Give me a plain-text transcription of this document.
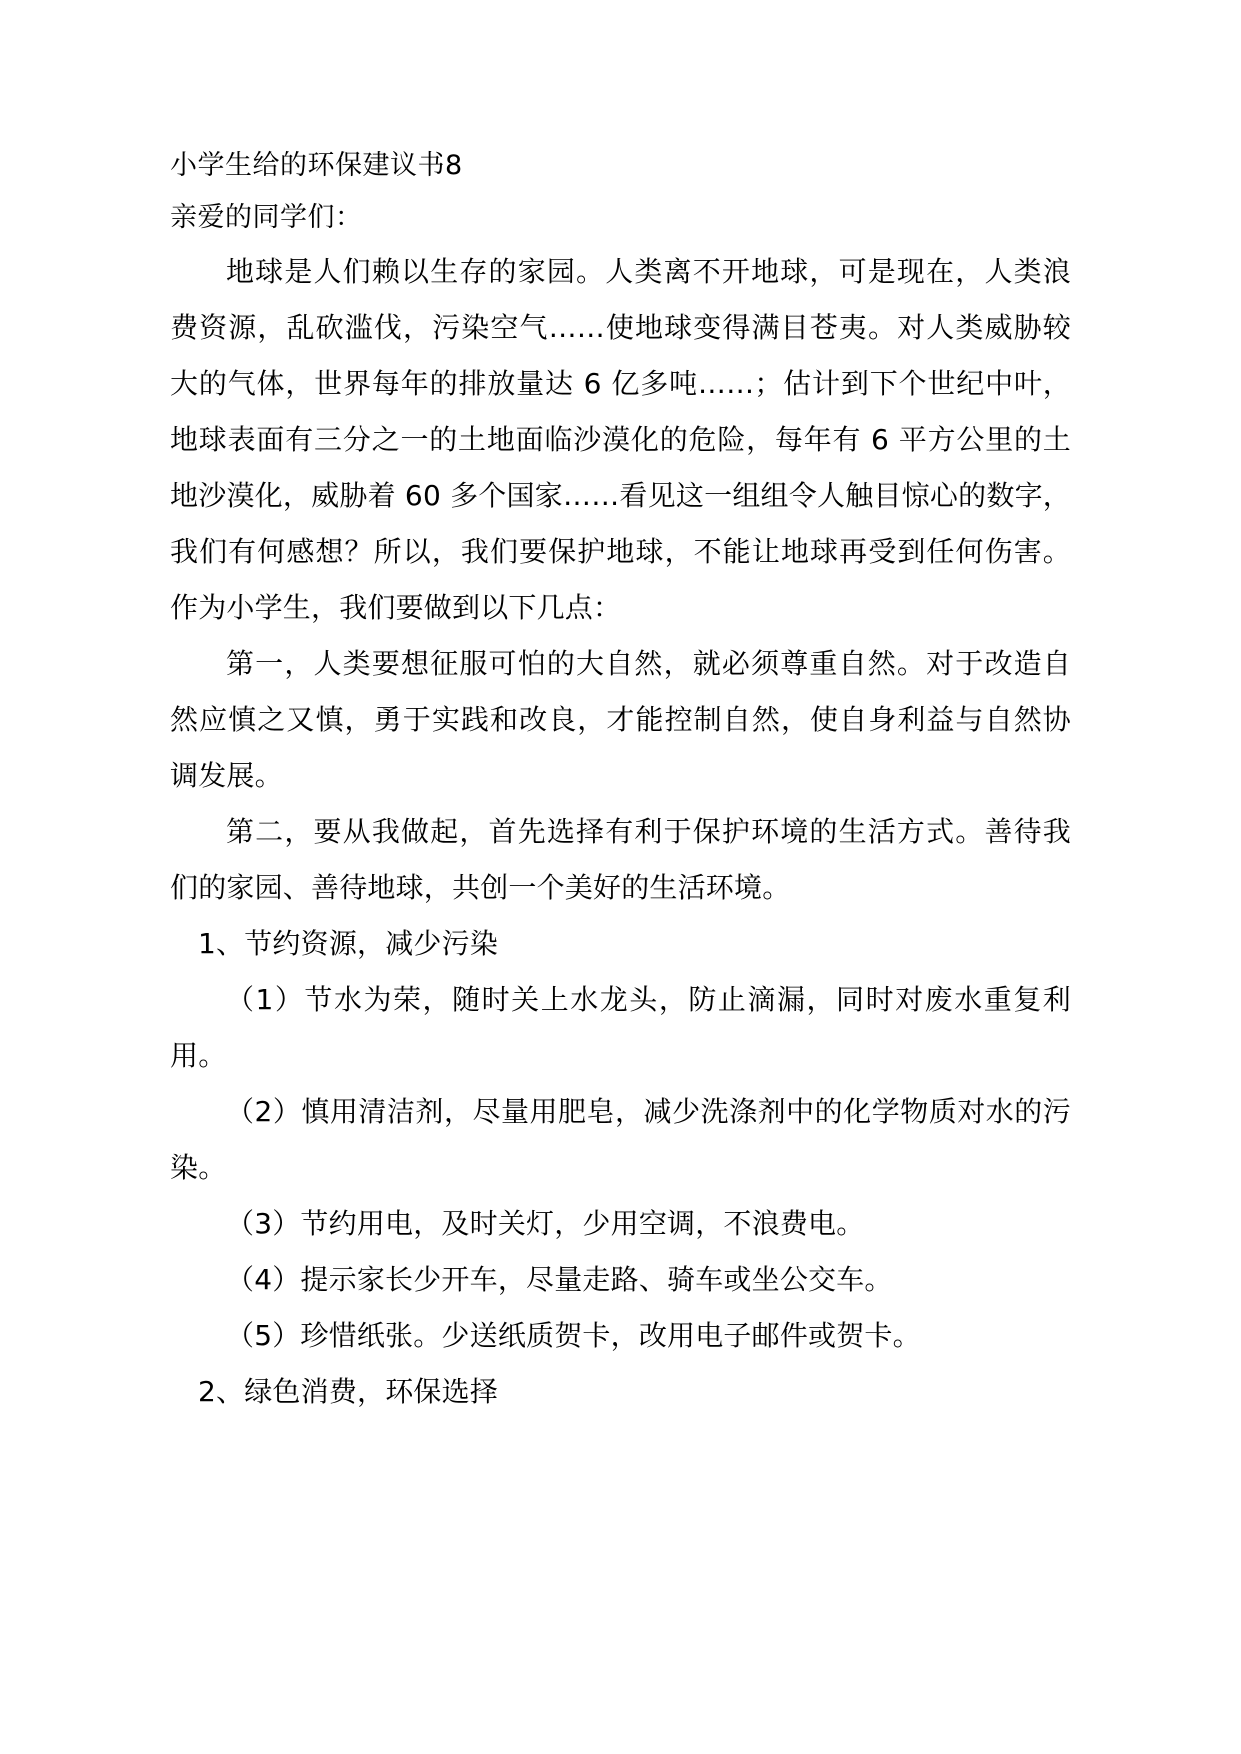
小学生给的环保建议书8
亲爱的同学们：

地球是人们赖以生存的家园。人类离不开地球，可是现在，人类浪费资源，乱砍滥伐，污染空气……使地球变得满目苍夷。对人类威胁较大的气体，世界每年的排放量达 6 亿多吨……；估计到下个世纪中叶，地球表面有三分之一的土地面临沙漠化的危险，每年有 6 平方公里的土地沙漠化，威胁着 60 多个国家……看见这一组组令人触目惊心的数字，我们有何感想？所以，我们要保护地球，不能让地球再受到任何伤害。作为小学生，我们要做到以下几点：

第一，人类要想征服可怕的大自然，就必须尊重自然。对于改造自然应慎之又慎，勇于实践和改良，才能控制自然，使自身利益与自然协调发展。

第二，要从我做起，首先选择有利于保护环境的生活方式。善待我们的家园、善待地球，共创一个美好的生活环境。

1、节约资源，减少污染

（1）节水为荣，随时关上水龙头，防止滴漏，同时对废水重复利用。

（2）慎用清洁剂，尽量用肥皂，减少洗涤剂中的化学物质对水的污染。

（3）节约用电，及时关灯，少用空调，不浪费电。

（4）提示家长少开车，尽量走路、骑车或坐公交车。

（5）珍惜纸张。少送纸质贺卡，改用电子邮件或贺卡。

2、绿色消费，环保选择
